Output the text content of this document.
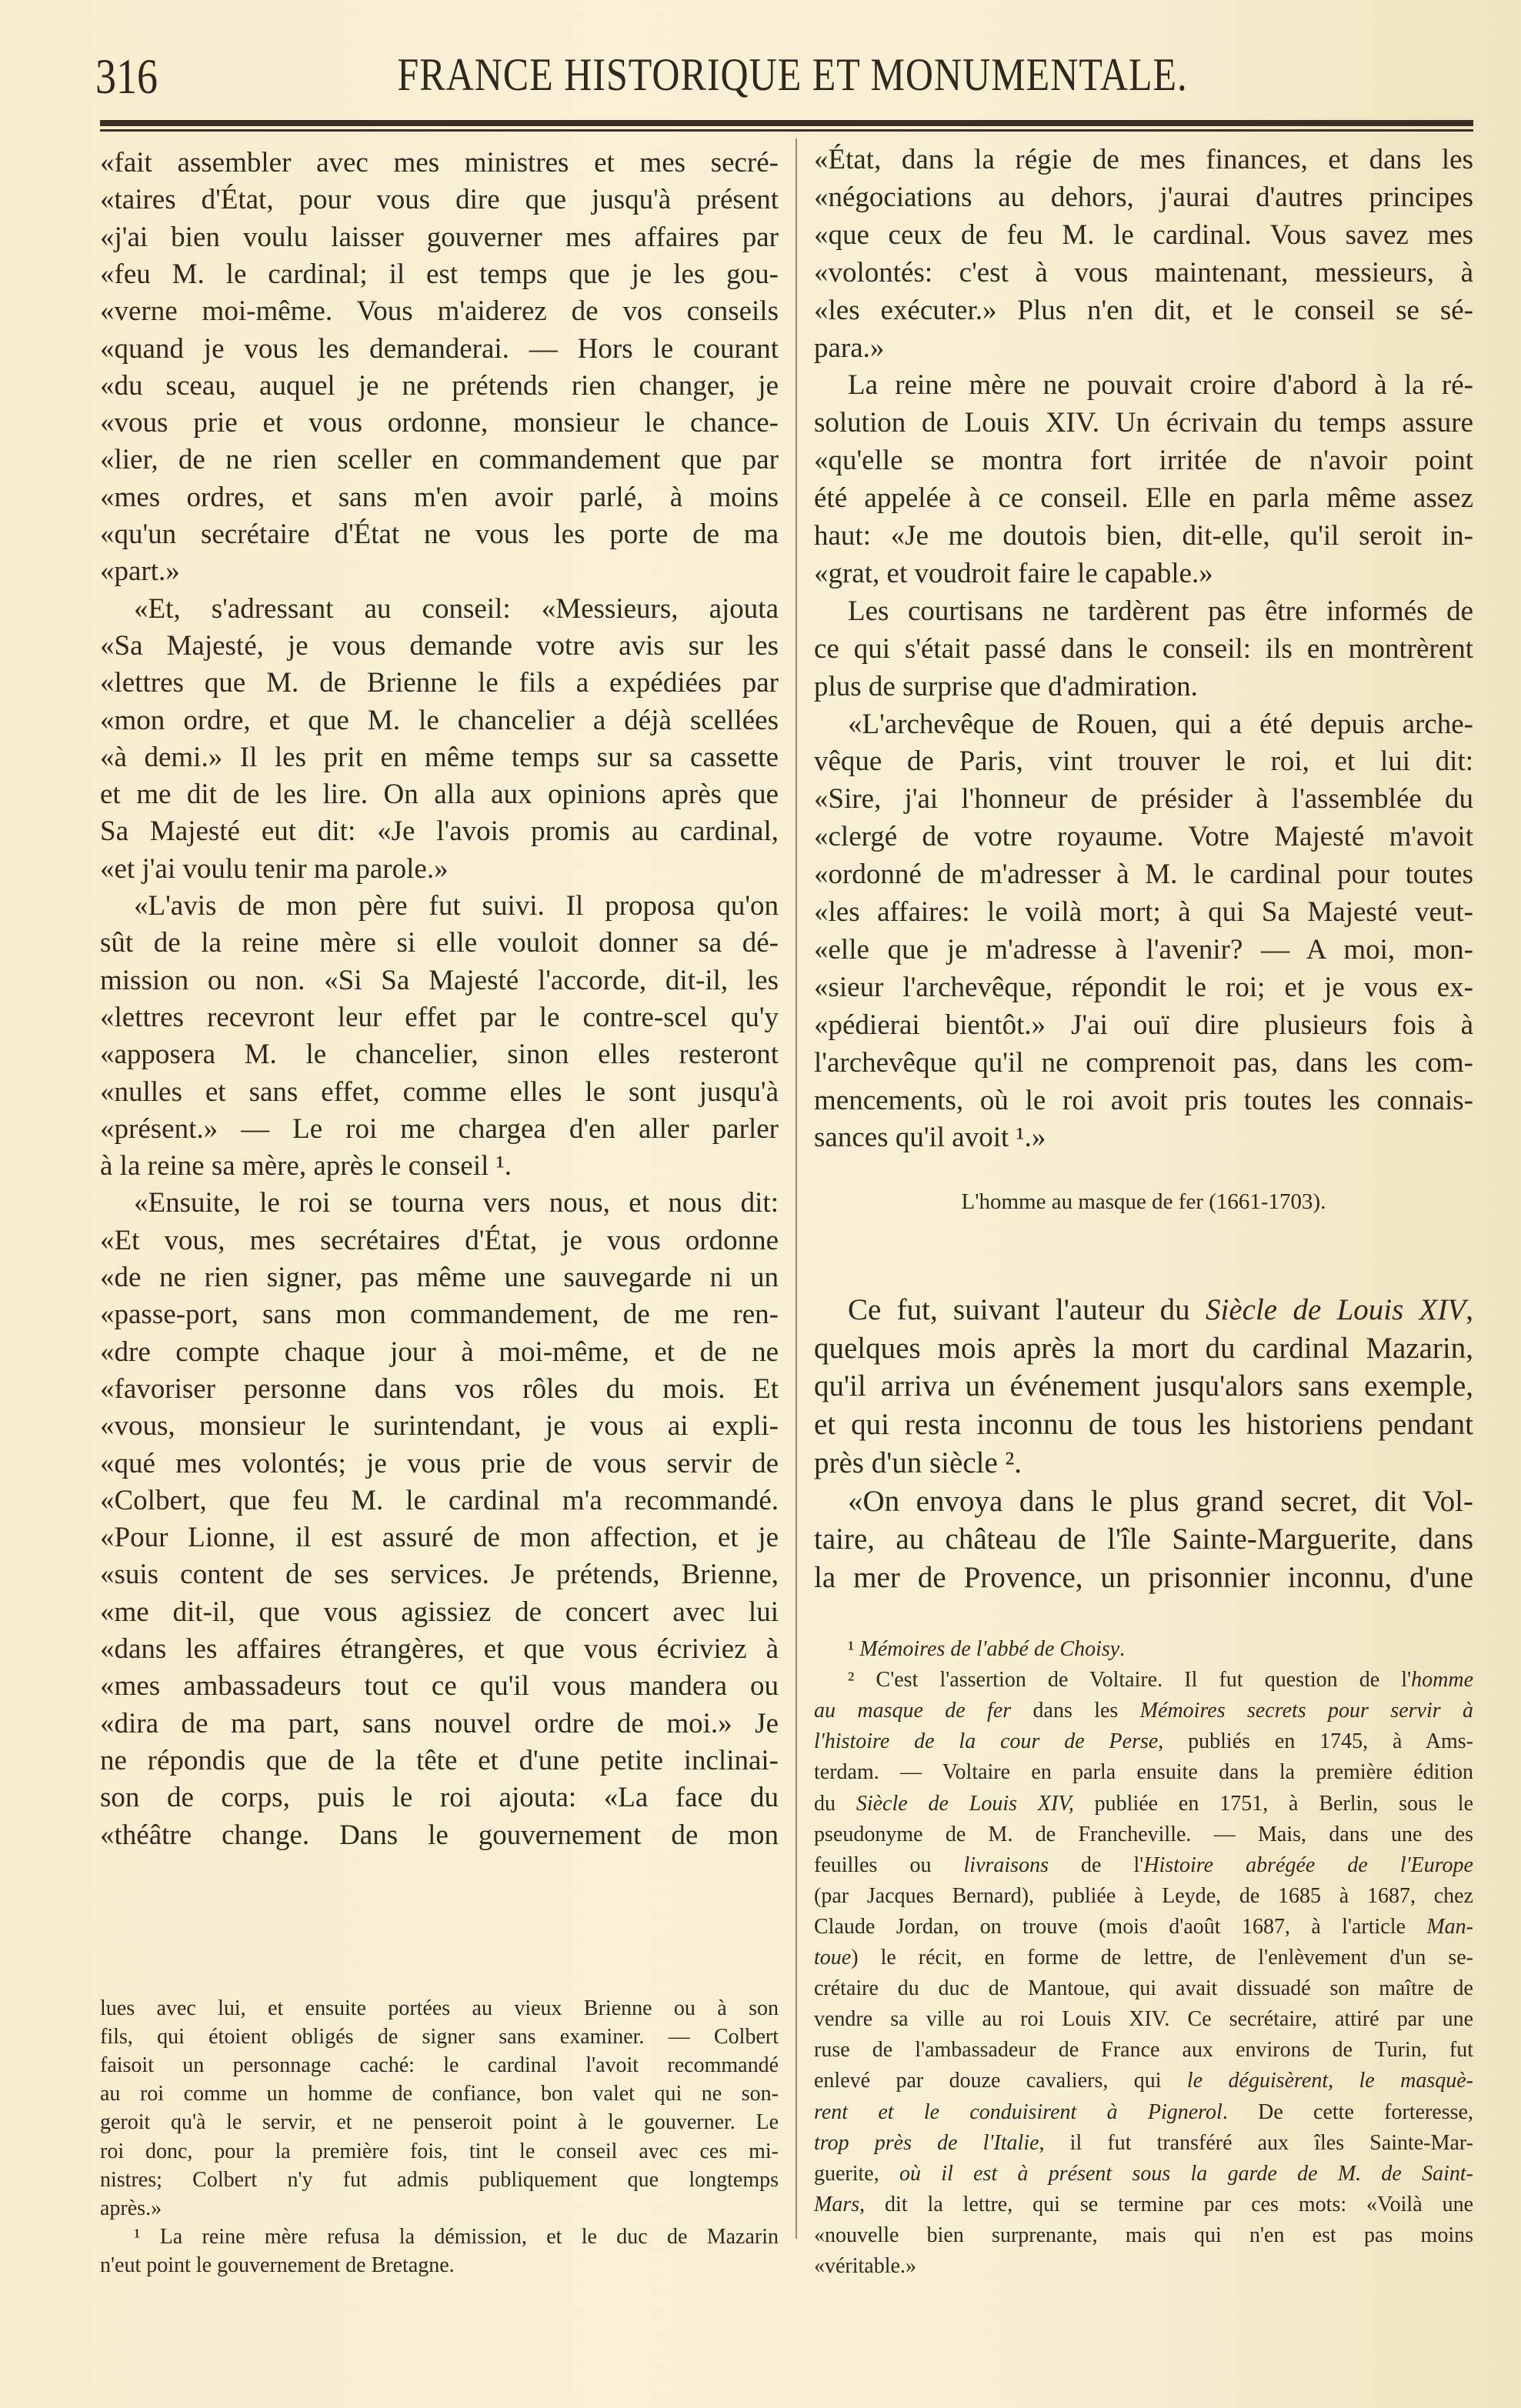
316	FRANCE HISTORIQUE ET MONUMENTALE.
«fait assembler avec mes ministres et mes secré-
«taires d'État, pour vous dire que jusqu'à présent
«j'ai bien voulu laisser gouverner mes affaires par
«feu M. le cardinal; il est temps que je les gou-
«verne moi-même. Vous m'aiderez de vos conseils
«quand je vous les demanderai. — Hors le courant
«du sceau, auquel je ne prétends rien changer, je
«vous prie et vous ordonne, monsieur le chance-
«lier, de ne rien sceller en commandement que par
«mes ordres, et sans m'en avoir parlé, à moins
«qu'un secrétaire d'État ne vous les porte de ma
«part.»
«Et, s'adressant au conseil: «Messieurs, ajouta
«Sa Majesté, je vous demande votre avis sur les
«lettres que M. de Brienne le fils a expédiées par
«mon ordre, et que M. le chancelier a déjà scellées
«à demi.» Il les prit en même temps sur sa cassette
et me dit de les lire. On alla aux opinions après que
Sa Majesté eut dit: «Je l'avois promis au cardinal,
«et j'ai voulu tenir ma parole.»
«L'avis de mon père fut suivi. Il proposa qu'on
sût de la reine mère si elle vouloit donner sa dé-
mission ou non. «Si Sa Majesté l'accorde, dit-il, les
«lettres recevront leur effet par le contre-scel qu'y
«apposera M. le chancelier, sinon elles resteront
«nulles et sans effet, comme elles le sont jusqu'à
«présent.» — Le roi me chargea d'en aller parler
à la reine sa mère, après le conseil ¹.
«Ensuite, le roi se tourna vers nous, et nous dit:
«Et vous, mes secrétaires d'État, je vous ordonne
«de ne rien signer, pas même une sauvegarde ni un
«passe-port, sans mon commandement, de me ren-
«dre compte chaque jour à moi-même, et de ne
«favoriser personne dans vos rôles du mois. Et
«vous, monsieur le surintendant, je vous ai expli-
«qué mes volontés; je vous prie de vous servir de
«Colbert, que feu M. le cardinal m'a recommandé.
«Pour Lionne, il est assuré de mon affection, et je
«suis content de ses services. Je prétends, Brienne,
«me dit-il, que vous agissiez de concert avec lui
«dans les affaires étrangères, et que vous écriviez à
«mes ambassadeurs tout ce qu'il vous mandera ou
«dira de ma part, sans nouvel ordre de moi.» Je
ne répondis que de la tête et d'une petite inclinai-
son de corps, puis le roi ajouta: «La face du
«théâtre change. Dans le gouvernement de mon
lues avec lui, et ensuite portées au vieux Brienne ou à son
fils, qui étoient obligés de signer sans examiner. — Colbert
faisoit un personnage caché: le cardinal l'avoit recommandé
au roi comme un homme de confiance, bon valet qui ne son-
geroit qu'à le servir, et ne penseroit point à le gouverner. Le
roi donc, pour la première fois, tint le conseil avec ces mi-
nistres; Colbert n'y fut admis publiquement que longtemps
après.»
¹ La reine mère refusa la démission, et le duc de Mazarin
n'eut point le gouvernement de Bretagne.
«État, dans la régie de mes finances, et dans les
«négociations au dehors, j'aurai d'autres principes
«que ceux de feu M. le cardinal. Vous savez mes
«volontés: c'est à vous maintenant, messieurs, à
«les exécuter.» Plus n'en dit, et le conseil se sé-
para.»
La reine mère ne pouvait croire d'abord à la ré-
solution de Louis XIV. Un écrivain du temps assure
«qu'elle se montra fort irritée de n'avoir point
été appelée à ce conseil. Elle en parla même assez
haut: «Je me doutois bien, dit-elle, qu'il seroit in-
«grat, et voudroit faire le capable.»
Les courtisans ne tardèrent pas être informés de
ce qui s'était passé dans le conseil: ils en montrèrent
plus de surprise que d'admiration.
«L'archevêque de Rouen, qui a été depuis arche-
vêque de Paris, vint trouver le roi, et lui dit:
«Sire, j'ai l'honneur de présider à l'assemblée du
«clergé de votre royaume. Votre Majesté m'avoit
«ordonné de m'adresser à M. le cardinal pour toutes
«les affaires: le voilà mort; à qui Sa Majesté veut-
«elle que je m'adresse à l'avenir? — A moi, mon-
«sieur l'archevêque, répondit le roi; et je vous ex-
«pédierai bientôt.» J'ai ouï dire plusieurs fois à
l'archevêque qu'il ne comprenoit pas, dans les com-
mencements, où le roi avoit pris toutes les connais-
sances qu'il avoit ¹.»
L'homme au masque de fer (1661-1703).
Ce fut, suivant l'auteur du Siècle de Louis XIV,
quelques mois après la mort du cardinal Mazarin,
qu'il arriva un événement jusqu'alors sans exemple,
et qui resta inconnu de tous les historiens pendant
près d'un siècle ².
«On envoya dans le plus grand secret, dit Vol-
taire, au château de l'île Sainte-Marguerite, dans
la mer de Provence, un prisonnier inconnu, d'une
¹ Mémoires de l'abbé de Choisy.
² C'est l'assertion de Voltaire. Il fut question de l'homme
au masque de fer dans les Mémoires secrets pour servir à
l'histoire de la cour de Perse, publiés en 1745, à Ams-
terdam. — Voltaire en parla ensuite dans la première édition
du Siècle de Louis XIV, publiée en 1751, à Berlin, sous le
pseudonyme de M. de Francheville. — Mais, dans une des
feuilles ou livraisons de l'Histoire abrégée de l'Europe
(par Jacques Bernard), publiée à Leyde, de 1685 à 1687, chez
Claude Jordan, on trouve (mois d'août 1687, à l'article Man-
toue) le récit, en forme de lettre, de l'enlèvement d'un se-
crétaire du duc de Mantoue, qui avait dissuadé son maître de
vendre sa ville au roi Louis XIV. Ce secrétaire, attiré par une
ruse de l'ambassadeur de France aux environs de Turin, fut
enlevé par douze cavaliers, qui le déguisèrent, le masquè-
rent et le conduisirent à Pignerol. De cette forteresse,
trop près de l'Italie, il fut transféré aux îles Sainte-Mar-
guerite, où il est à présent sous la garde de M. de Saint-
Mars, dit la lettre, qui se termine par ces mots: «Voilà une
«nouvelle bien surprenante, mais qui n'en est pas moins
«véritable.»
